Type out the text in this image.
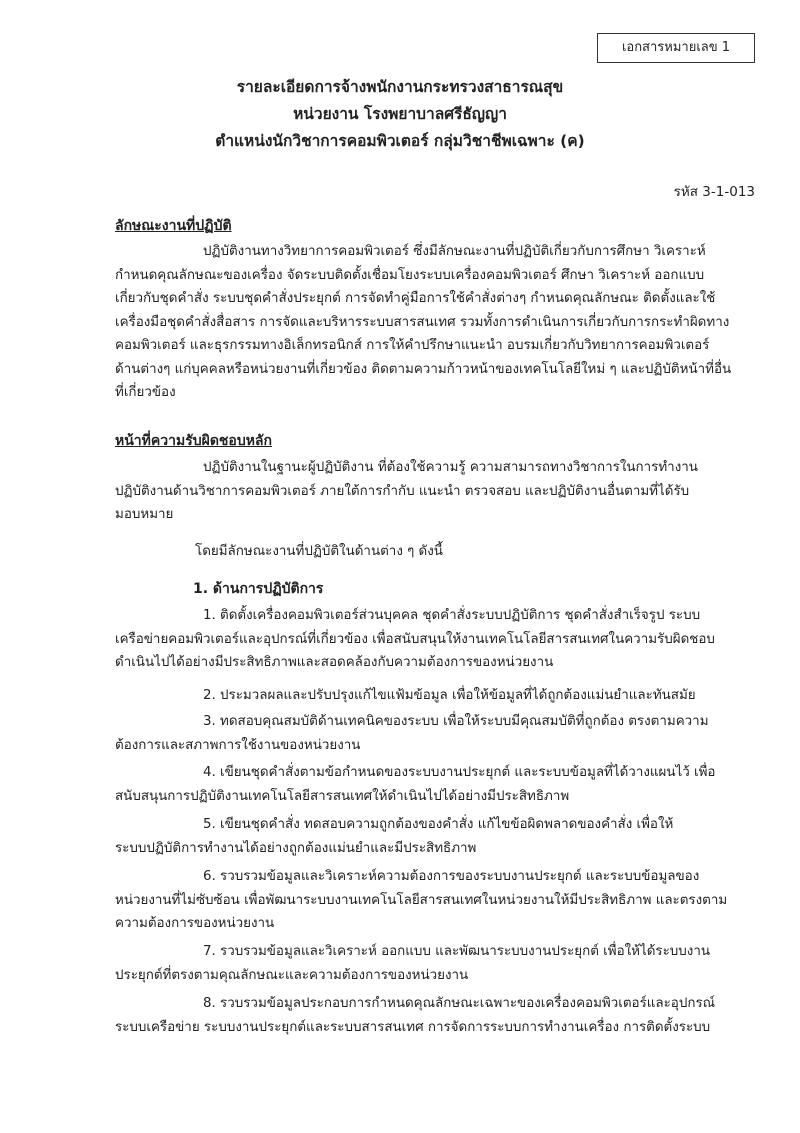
เอกสารหมายเลข 1
รายละเอียดการจ้างพนักงานกระทรวงสาธารณสุข
หน่วยงาน โรงพยาบาลศรีธัญญา
ตำแหน่งนักวิชาการคอมพิวเตอร์ กลุ่มวิชาชีพเฉพาะ (ค)
รหัส 3-1-013
ลักษณะงานที่ปฏิบัติ
ปฏิบัติงานทางวิทยาการคอมพิวเตอร์ ซึ่งมีลักษณะงานที่ปฏิบัติเกี่ยวกับการศึกษา วิเคราะห์
กำหนดคุณลักษณะของเครื่อง จัดระบบติดตั้งเชื่อมโยงระบบเครื่องคอมพิวเตอร์ ศึกษา วิเคราะห์ ออกแบบ
เกี่ยวกับชุดคำสั่ง ระบบชุดคำสั่งประยุกต์ การจัดทำคู่มือการใช้คำสั่งต่างๆ กำหนดคุณลักษณะ ติดตั้งและใช้
เครื่องมือชุดคำสั่งสื่อสาร การจัดและบริหารระบบสารสนเทศ รวมทั้งการดำเนินการเกี่ยวกับการกระทำผิดทาง
คอมพิวเตอร์ และธุรกรรมทางอิเล็กทรอนิกส์ การให้คำปรึกษาแนะนำ อบรมเกี่ยวกับวิทยาการคอมพิวเตอร์
ด้านต่างๆ แก่บุคคลหรือหน่วยงานที่เกี่ยวข้อง ติดตามความก้าวหน้าของเทคโนโลยีใหม่ ๆ และปฏิบัติหน้าที่อื่น
ที่เกี่ยวข้อง
หน้าที่ความรับผิดชอบหลัก
ปฏิบัติงานในฐานะผู้ปฏิบัติงาน ที่ต้องใช้ความรู้ ความสามารถทางวิชาการในการทำงาน
ปฏิบัติงานด้านวิชาการคอมพิวเตอร์ ภายใต้การกำกับ แนะนำ ตรวจสอบ และปฏิบัติงานอื่นตามที่ได้รับ
มอบหมาย
โดยมีลักษณะงานที่ปฏิบัติในด้านต่าง ๆ ดังนี้
1. ด้านการปฏิบัติการ
1. ติดตั้งเครื่องคอมพิวเตอร์ส่วนบุคคล ชุดคำสั่งระบบปฏิบัติการ ชุดคำสั่งสำเร็จรูป ระบบ
เครือข่ายคอมพิวเตอร์และอุปกรณ์ที่เกี่ยวข้อง เพื่อสนับสนุนให้งานเทคโนโลยีสารสนเทศในความรับผิดชอบ
ดำเนินไปได้อย่างมีประสิทธิภาพและสอดคล้องกับความต้องการของหน่วยงาน
2. ประมวลผลและปรับปรุงแก้ไขแฟ้มข้อมูล เพื่อให้ข้อมูลที่ได้ถูกต้องแม่นยำและทันสมัย
3. ทดสอบคุณสมบัติด้านเทคนิคของระบบ เพื่อให้ระบบมีคุณสมบัติที่ถูกต้อง ตรงตามความ
ต้องการและสภาพการใช้งานของหน่วยงาน
4. เขียนชุดคำสั่งตามข้อกำหนดของระบบงานประยุกต์ และระบบข้อมูลที่ได้วางแผนไว้ เพื่อ
สนับสนุนการปฏิบัติงานเทคโนโลยีสารสนเทศให้ดำเนินไปได้อย่างมีประสิทธิภาพ
5. เขียนชุดคำสั่ง ทดสอบความถูกต้องของคำสั่ง แก้ไขข้อผิดพลาดของคำสั่ง เพื่อให้
ระบบปฏิบัติการทำงานได้อย่างถูกต้องแม่นยำและมีประสิทธิภาพ
6. รวบรวมข้อมูลและวิเคราะห์ความต้องการของระบบงานประยุกต์ และระบบข้อมูลของ
หน่วยงานที่ไม่ซับซ้อน เพื่อพัฒนาระบบงานเทคโนโลยีสารสนเทศในหน่วยงานให้มีประสิทธิภาพ และตรงตาม
ความต้องการของหน่วยงาน
7. รวบรวมข้อมูลและวิเคราะห์ ออกแบบ และพัฒนาระบบงานประยุกต์ เพื่อให้ได้ระบบงาน
ประยุกต์ที่ตรงตามคุณลักษณะและความต้องการของหน่วยงาน
8. รวบรวมข้อมูลประกอบการกำหนดคุณลักษณะเฉพาะของเครื่องคอมพิวเตอร์และอุปกรณ์
ระบบเครือข่าย ระบบงานประยุกต์และระบบสารสนเทศ การจัดการระบบการทำงานเครื่อง การติดตั้งระบบ
